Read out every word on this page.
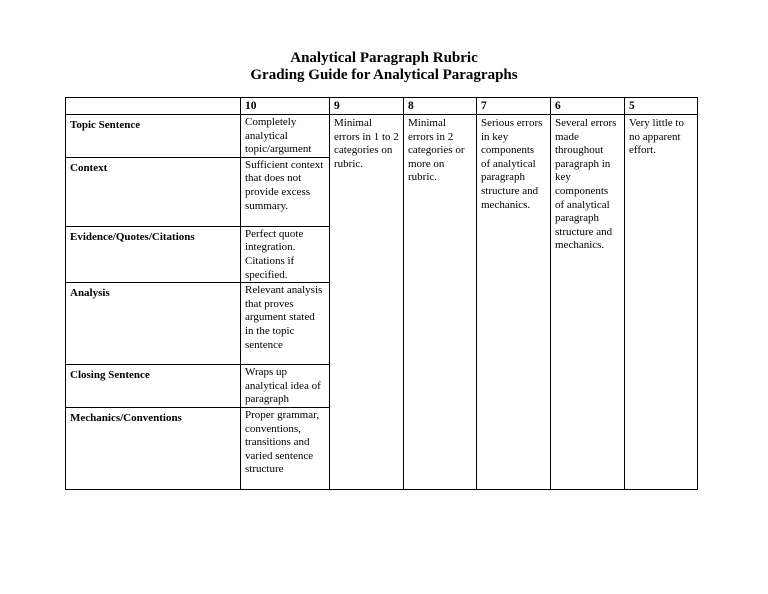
Analytical Paragraph Rubric
Grading Guide for Analytical Paragraphs
	10	9	8	7	6	5
Topic Sentence	Completely analytical topic/argument	Minimal errors in 1 to 2 categories on rubric.	Minimal errors in 2 categories or more on rubric.	Serious errors in key components of analytical paragraph structure and mechanics.	Several errors made throughout paragraph in key components of analytical paragraph structure and mechanics.	Very little to no apparent effort.
Context	Sufficient context that does not provide excess summary.					
Evidence/Quotes/Citations	Perfect quote integration. Citations if specified.					
Analysis	Relevant analysis that proves argument stated in the topic sentence					
Closing Sentence	Wraps up analytical idea of paragraph					
Mechanics/Conventions	Proper grammar, conventions, transitions and varied sentence structure					
